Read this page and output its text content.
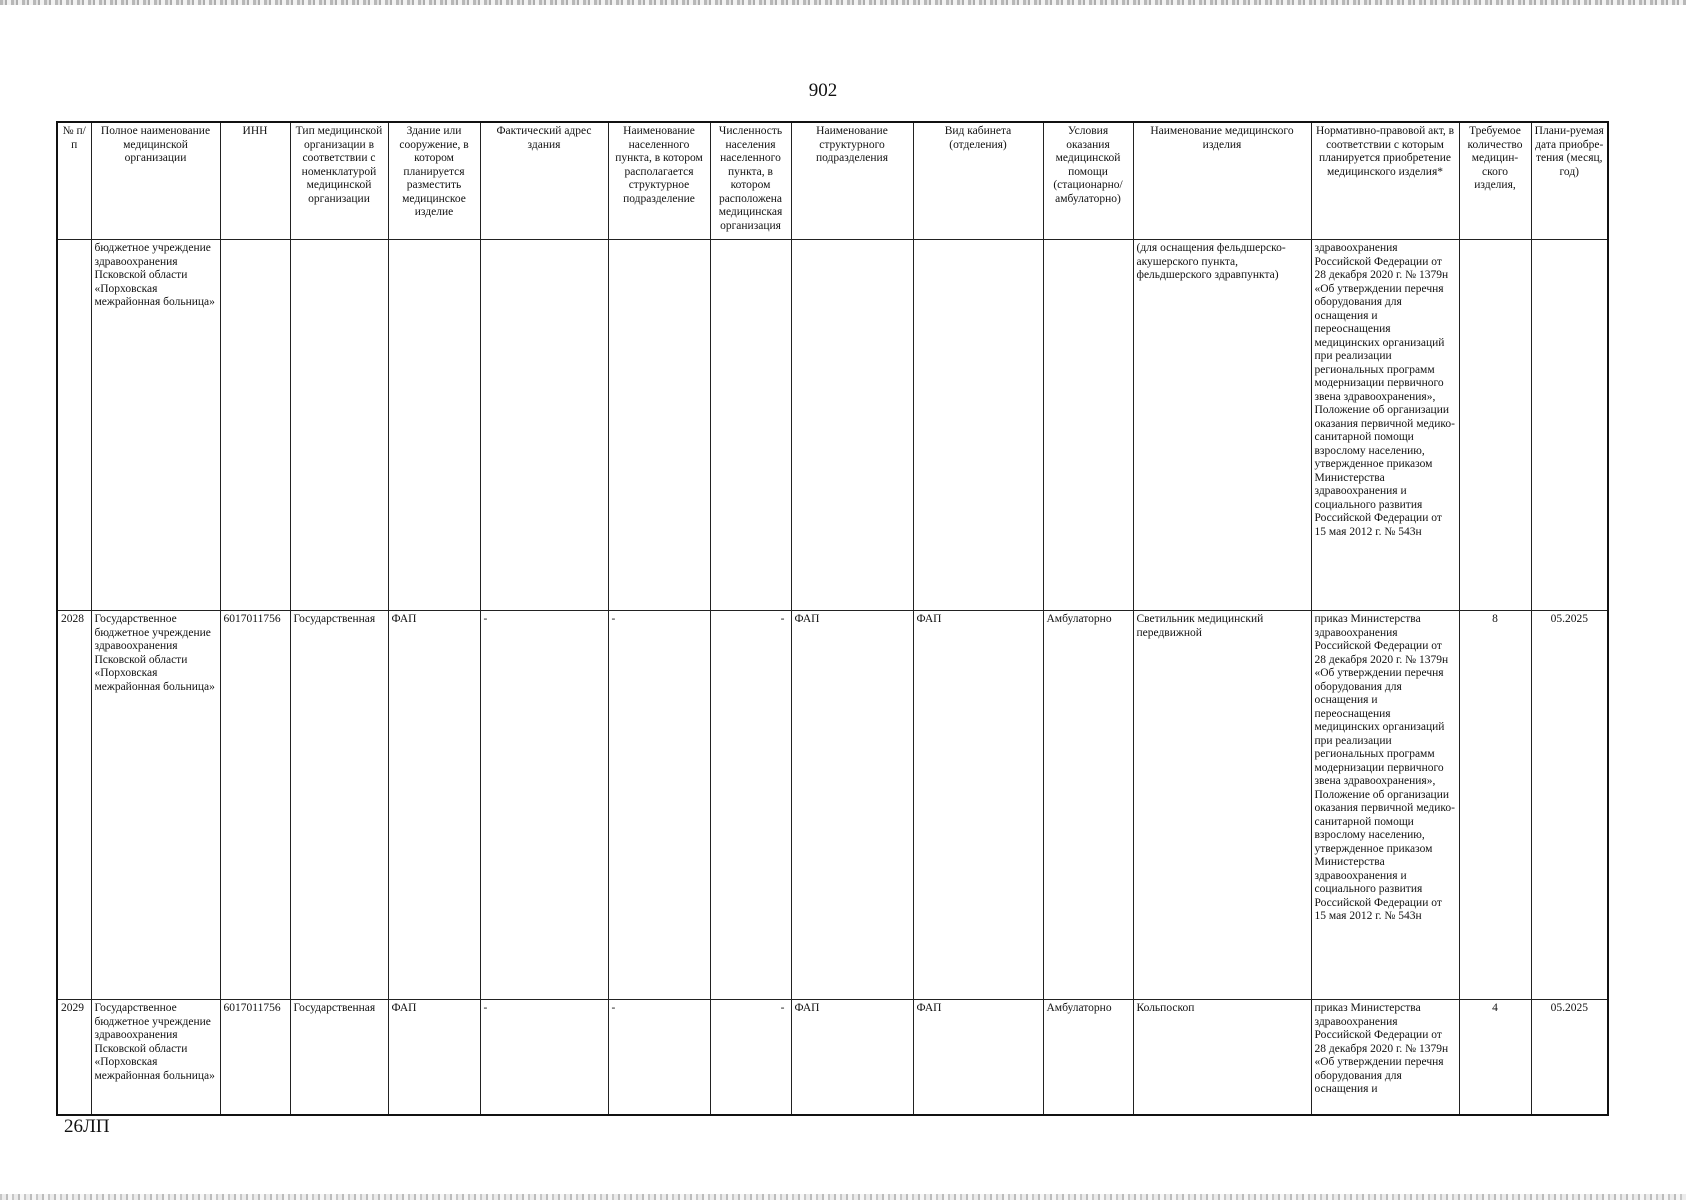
902
№ п/п	Полное наименование медицинской организации	ИНН	Тип медицинской организации в соответствии с номенклатурой медицинской организации	Здание или сооружение, в котором планируется разместить медицинское изделие	Фактический адрес здания	Наименование населенного пункта, в котором располагается структурное подразделение	Численность населения населенного пункта, в котором расположена медицинская организация	Наименование структурного подразделения	Вид кабинета (отделения)	Условия оказания медицинской помощи (стационарно/ амбулаторно)	Наименование медицинского изделия	Нормативно-правовой акт, в соответствии с которым планируется приобретение медицинского изделия*	Требуемое количество медицин-ского изделия,	Плани-руемая дата приобре-тения (месяц, год)
	бюджетное учреждение здравоохранения Псковской области «Порховская межрайонная больница»										(для оснащения фельдшерско-акушерского пункта, фельдшерского здравпункта)	здравоохранения Российской Федерации от 28 декабря 2020 г. № 1379н «Об утверждении перечня оборудования для оснащения и переоснащения медицинских организаций при реализации региональных программ модернизации первичного звена здравоохранения», Положение об организации оказания первичной медико-санитарной помощи взрослому населению, утвержденное приказом Министерства здравоохранения и социального развития Российской Федерации от 15 мая 2012 г. № 543н		
2028	Государственное бюджетное учреждение здравоохранения Псковской области «Порховская межрайонная больница»	6017011756	Государственная	ФАП	-	-	-	ФАП	ФАП	Амбулаторно	Светильник медицинский передвижной	приказ Министерства здравоохранения Российской Федерации от 28 декабря 2020 г. № 1379н «Об утверждении перечня оборудования для оснащения и переоснащения медицинских организаций при реализации региональных программ модернизации первичного звена здравоохранения», Положение об организации оказания первичной медико-санитарной помощи взрослому населению, утвержденное приказом Министерства здравоохранения и социального развития Российской Федерации от 15 мая 2012 г. № 543н	8	05.2025
2029	Государственное бюджетное учреждение здравоохранения Псковской области «Порховская межрайонная больница»	6017011756	Государственная	ФАП	-	-	-	ФАП	ФАП	Амбулаторно	Кольпоскоп	приказ Министерства здравоохранения Российской Федерации от 28 декабря 2020 г. № 1379н «Об утверждении перечня оборудования для оснащения и	4	05.2025
26ЛП
